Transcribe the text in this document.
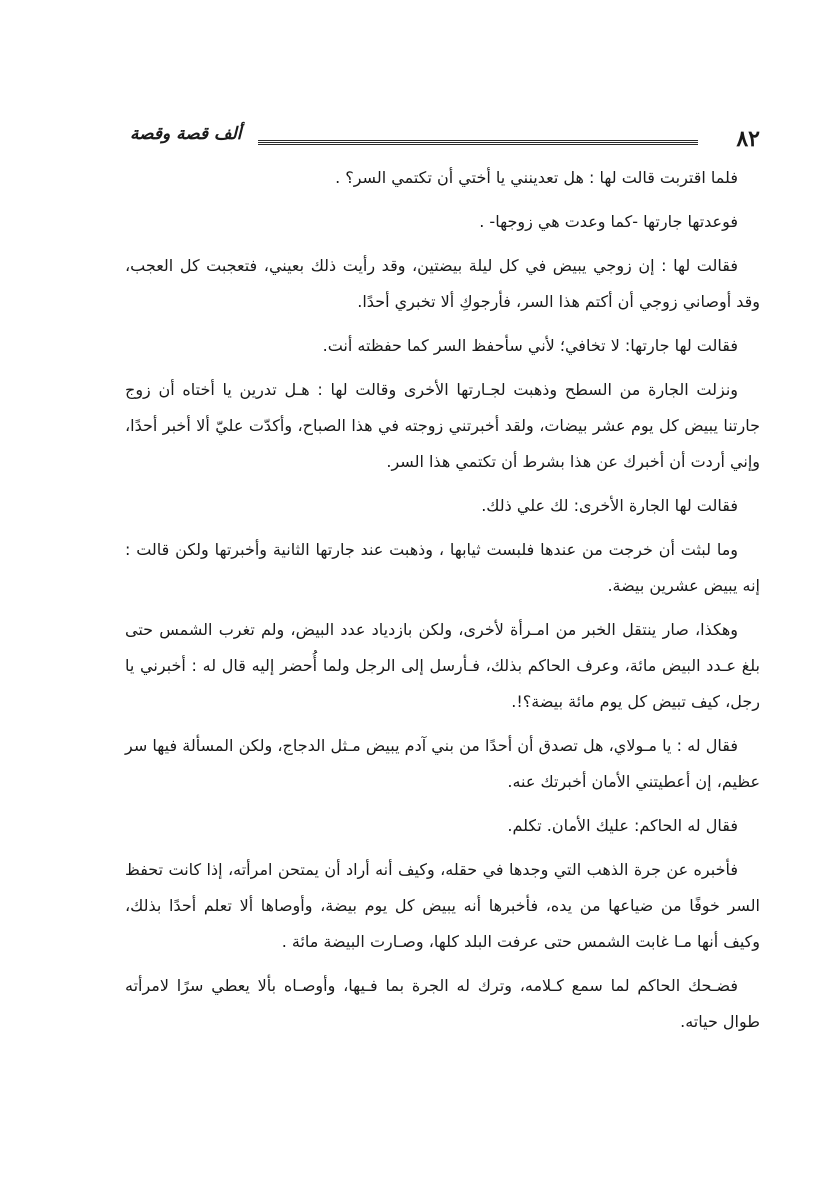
ألف قصة وقصة	٨٢

فلما اقتربت قالت لها : هل تعدينني يا أختي أن تكتمي السر؟ .

فوعدتها جارتها -كما وعدت هي زوجها- .

فقالت لها : إن زوجي يبيض في كل ليلة بيضتين، وقد رأيت ذلك بعيني، فتعجبت كل العجب، وقد أوصاني زوجي أن أكتم هذا السر، فأرجوكِ ألا تخبري أحدًا.

فقالت لها جارتها: لا تخافي؛ لأني سأحفظ السر كما حفظته أنت.

ونزلت الجارة من السطح وذهبت لجـارتها الأخرى وقالت لها : هـل تدرين يا أختاه أن زوج جارتنا يبيض كل يوم عشر بيضات، ولقد أخبرتني زوجته في هذا الصباح، وأكدّت عليّ ألا أخبر أحدًا، وإني أردت أن أخبرك عن هذا بشرط أن تكتمي هذا السر.

فقالت لها الجارة الأخرى: لك علي ذلك.

وما لبثت أن خرجت من عندها فلبست ثيابها ، وذهبت عند جارتها الثانية وأخبرتها ولكن قالت : إنه يبيض عشرين بيضة.

وهكذا، صار ينتقل الخبر من امـرأة لأخرى، ولكن بازدياد عدد البيض، ولم تغرب الشمس حتى بلغ عـدد البيض مائة، وعرف الحاكم بذلك، فـأرسل إلى الرجل ولما أُحضر إليه قال له : أخبرني يا رجل، كيف تبيض كل يوم مائة بيضة؟!.

فقال له : يا مـولاي، هل تصدق أن أحدًا من بني آدم يبيض مـثل الدجاج، ولكن المسألة فيها سر عظيم، إن أعطيتني الأمان أخبرتك عنه.

فقال له الحاكم: عليك الأمان. تكلم.

فأخبره عن جرة الذهب التي وجدها في حقله، وكيف أنه أراد أن يمتحن امرأته، إذا كانت تحفظ السر خوفًا من ضياعها من يده، فأخبرها أنه يبيض كل يوم بيضة، وأوصاها ألا تعلم أحدًا بذلك، وكيف أنها مـا غابت الشمس حتى عرفت البلد كلها، وصـارت البيضة مائة .

فضـحك الحاكم لما سمع كـلامه، وترك له الجرة بما فـيها، وأوصـاه بألا يعطي سرًا لامرأته طوال حياته.
